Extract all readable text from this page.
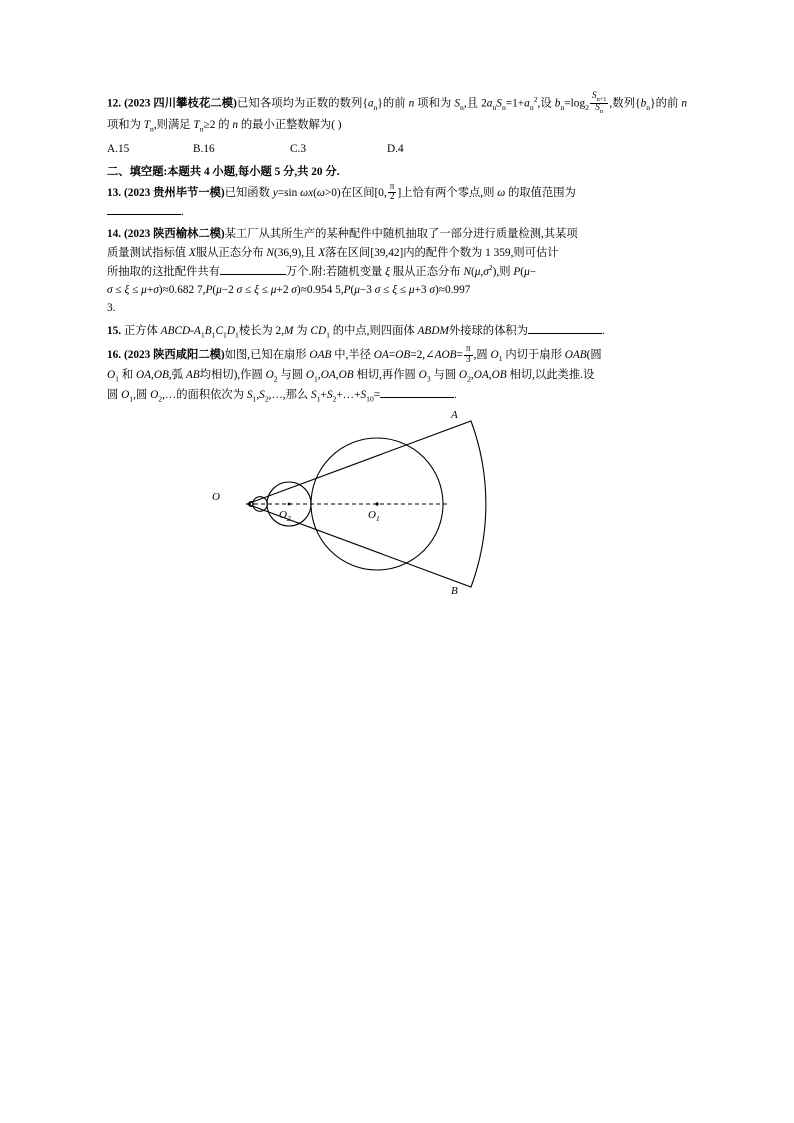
12. (2023 四川攀枝花二模)已知各项均为正数的数列$\{a_n\}$的前 n 项和为 $S_n$,且 $2a_nS_n=1+a_n^2$,设 $b_n=\log_2 \frac{S_{n+1}}{S_n}$ ,数列$\{b_n\}$的前 n 项和为 $T_n$,则满足 $T_n\ge 2$ 的 n 的最小正整数解为( )
A.15	B.16	C.3	D.4
二、填空题:本题共 4 小题,每小题 5 分,共 20 分.
13. (2023 贵州毕节一模)已知函数 y=sin ωx(ω>0)在区间[0, $\frac{\pi}{2}$ ]上恰有两个零点,则 ω 的取值范围为
.
14. (2023 陕西榆林二模)某工厂从其所生产的某种配件中随机抽取了一部分进行质量检测,其某项
质量测试指标值 X服从正态分布 N(36,9),且 X落在区间[39,42]内的配件个数为 1 359,则可估计
所抽取的这批配件共有	万个.附:若随机变量 ξ 服从正态分布 $N(\mu,\sigma^2)$,则 P(μ−
σ ≤ ξ ≤ μ+σ)≈0.682 7,P(μ−2 σ ≤ ξ ≤ μ+2 σ)≈0.954 5,P(μ−3 σ ≤ ξ ≤ μ+3 σ)≈0.997
3.
15. 正方体 ABCD-$A_1B_1C_1D_1$棱长为 2,M 为 $CD_1$ 的中点,则四面体 ABDM外接球的体积为	.
16. (2023 陕西咸阳二模)如图,已知在扇形 OAB 中,半径 OA=OB=2,∠AOB= $\frac{\pi}{3}$ ,圆 $O_1$ 内切于扇形 OAB(圆
$O_1$ 和 OA,OB,弧 AB均相切),作圆 $O_2$ 与圆 $O_1,OA,OB$ 相切,再作圆 $O_3$ 与圆 $O_2,OA,OB$ 相切,以此类推.设
圆 $O_1$,圆 $O_2,\dots$的面积依次为 $S_1,S_2,\dots$,那么 $S_1+S_2+\dots+S_{10}=$	.
O
$O_2$	$O_1$
A
B
